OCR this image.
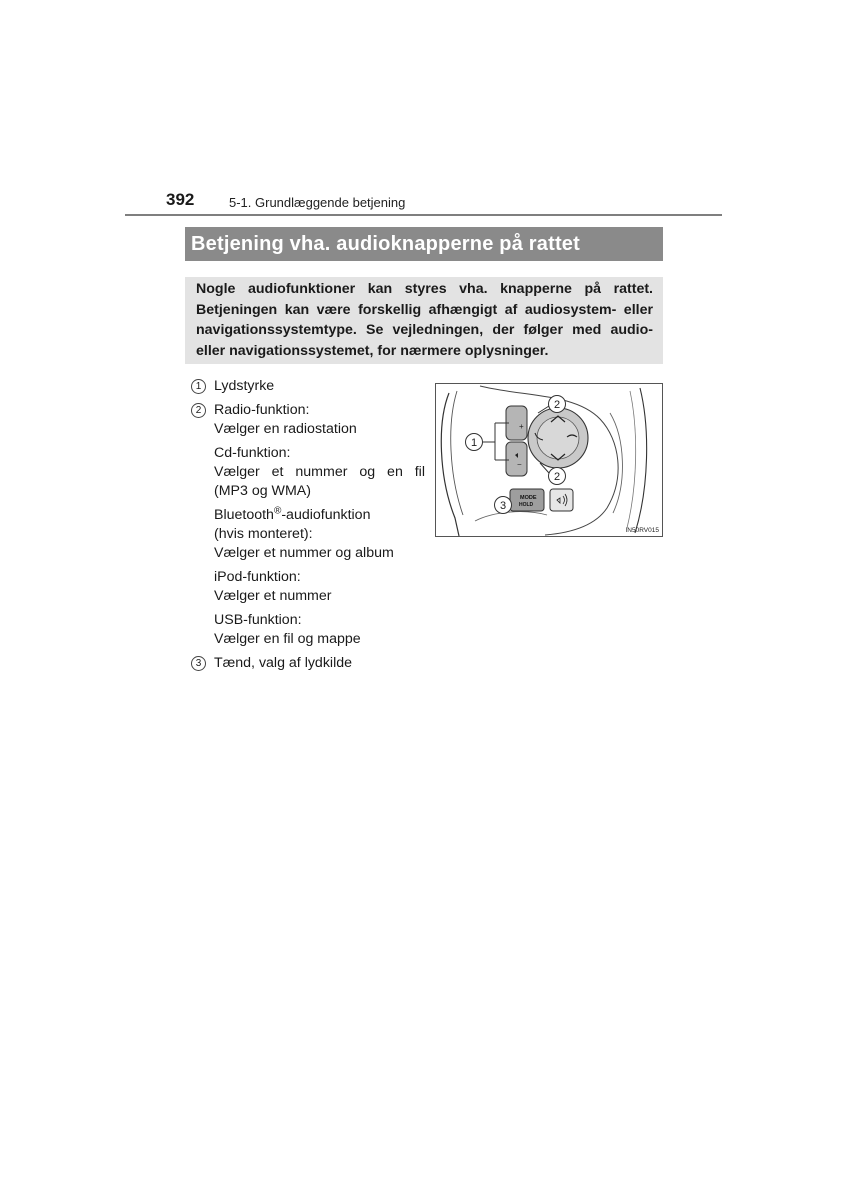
392	5-1. Grundlæggende betjening
Betjening vha. audioknapperne på rattet
Nogle audiofunktioner kan styres vha. knapperne på rattet.
Betjeningen kan være forskellig afhængigt af audiosystem- eller
navigationssystemtype. Se vejledningen, der følger med audio-
eller navigationssystemet, for nærmere oplysninger.
1 Lydstyrke
2 Radio-funktion:
Vælger en radiostation
Cd-funktion:
Vælger et nummer og en fil
(MP3 og WMA)
Bluetooth®-audiofunktion
(hvis monteret):
Vælger et nummer og album
iPod-funktion:
Vælger et nummer
USB-funktion:
Vælger en fil og mappe
3 Tænd, valg af lydkilde
+
−
MODE
HOLD
1
2
2
3
IN50RV015
